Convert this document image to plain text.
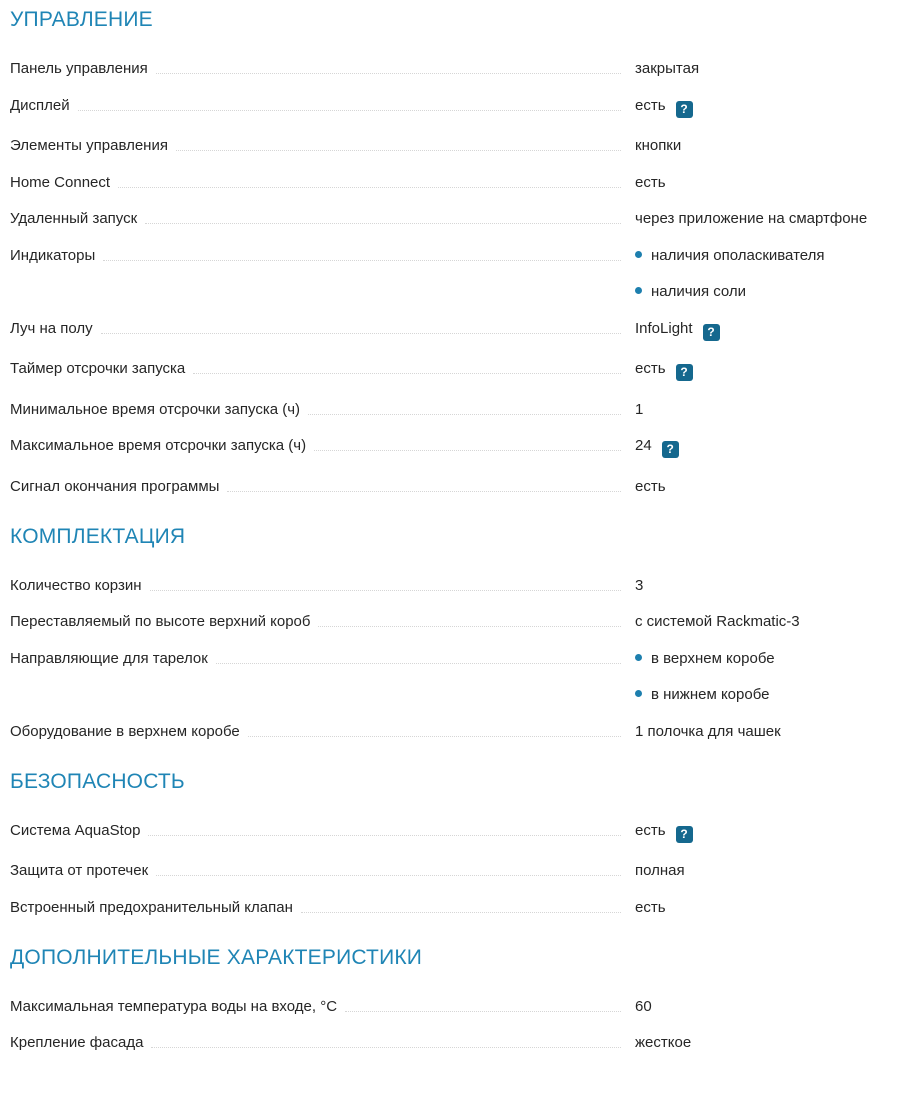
УПРАВЛЕНИЕ
Панель управления	закрытая
Дисплей	есть ?
Элементы управления	кнопки
Home Connect	есть
Удаленный запуск	через приложение на смартфоне
Индикаторы	наличия ополаскивателя
наличия соли
Луч на полу	InfoLight ?
Таймер отсрочки запуска	есть ?
Минимальное время отсрочки запуска (ч)	1
Максимальное время отсрочки запуска (ч)	24 ?
Сигнал окончания программы	есть
КОМПЛЕКТАЦИЯ
Количество корзин	3
Переставляемый по высоте верхний короб	с системой Rackmatic-3
Направляющие для тарелок	в верхнем коробе
в нижнем коробе
Оборудование в верхнем коробе	1 полочка для чашек
БЕЗОПАСНОСТЬ
Система AquaStop	есть ?
Защита от протечек	полная
Встроенный предохранительный клапан	есть
ДОПОЛНИТЕЛЬНЫЕ ХАРАКТЕРИСТИКИ
Максимальная температура воды на входе, °C	60
Крепление фасада	жесткое
